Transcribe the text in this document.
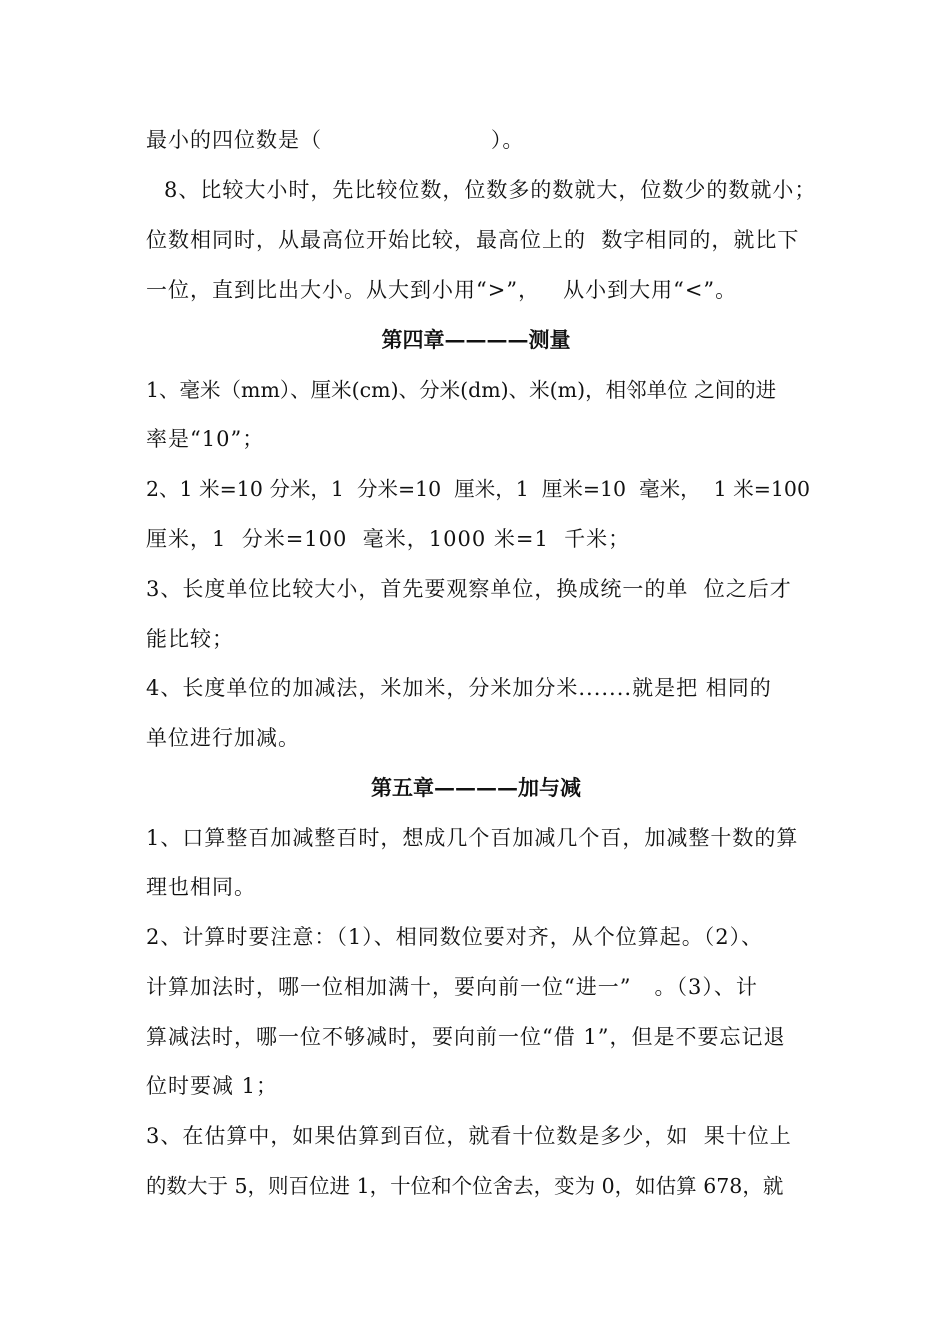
最小的四位数是（                      ）。
8、比较大小时，先比较位数，位数多的数就大，位数少的数就小；
位数相同时，从最高位开始比较，最高位上的  数字相同的，就比下
一位，直到比出大小。从大到小用“>”，   从小到大用“<”。
第四章————测量
1、毫米（mm）、厘米(cm)、分米(dm)、米(m)，相邻单位 之间的进
率是“10”；
2、1 米=10 分米，1  分米=10  厘米，1  厘米=10  毫米，  1 米=100
厘米，1  分米=100  毫米，1000 米=1  千米；
3、长度单位比较大小，首先要观察单位，换成统一的单  位之后才
能比较；
4、长度单位的加减法，米加米，分米加分米.......就是把 相同的
单位进行加减。
第五章————加与减
1、口算整百加减整百时，想成几个百加减几个百，加减整十数的算
理也相同。
2、计算时要注意：（1）、相同数位要对齐，从个位算起。（2）、
计算加法时，哪一位相加满十，要向前一位“进一”   。（3）、计
算减法时，哪一位不够减时，要向前一位“借 1”，但是不要忘记退
位时要减 1；
3、在估算中，如果估算到百位，就看十位数是多少，如  果十位上
的数大于 5，则百位进 1，十位和个位舍去，变为 0，如估算 678，就
